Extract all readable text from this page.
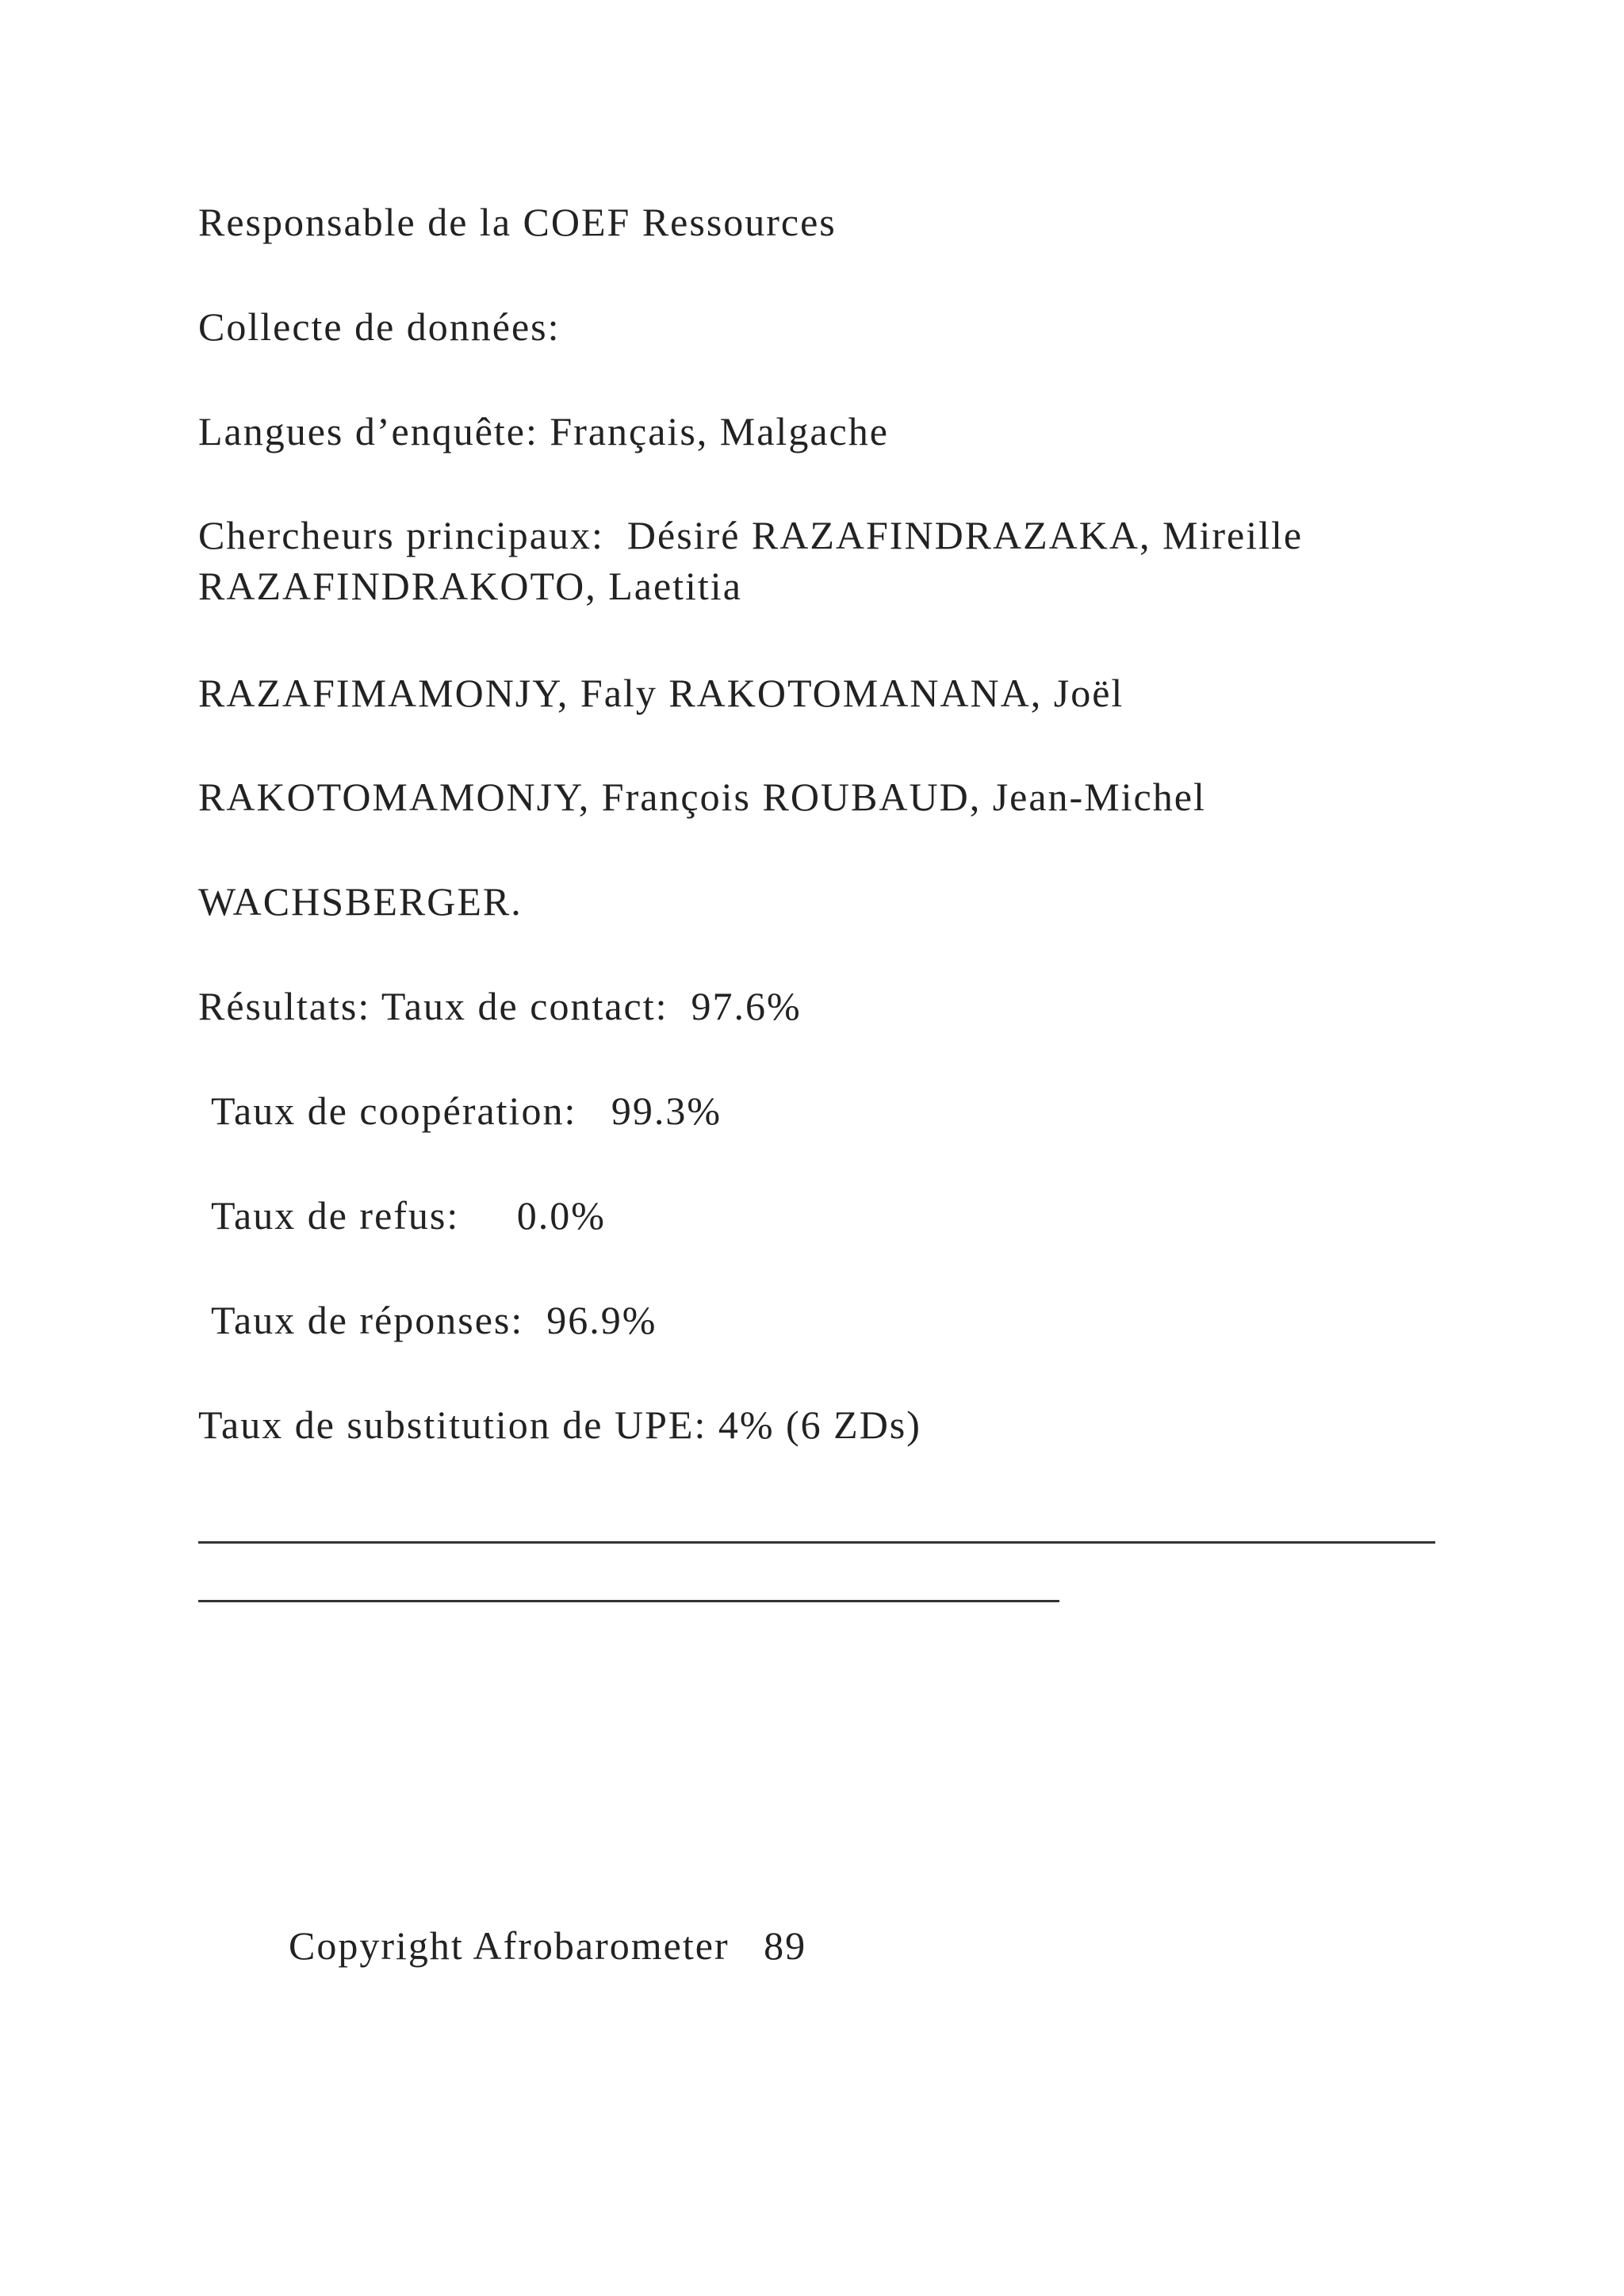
Responsable de la COEF Ressources

Collecte de données:

Langues d’enquête: Français, Malgache

Chercheurs principaux:  Désiré RAZAFINDRAZAKA, Mireille

RAZAFINDRAKOTO, Laetitia

RAZAFIMAMONJY, Faly RAKOTOMANANA, Joël

RAKOTOMAMONJY, François ROUBAUD, Jean-Michel

WACHSBERGER.

Résultats: Taux de contact:  97.6%

Taux de coopération:   99.3%

Taux de refus:     0.0%

Taux de réponses:  96.9%

Taux de substitution de UPE: 4% (6 ZDs)

Copyright Afrobarometer   89
